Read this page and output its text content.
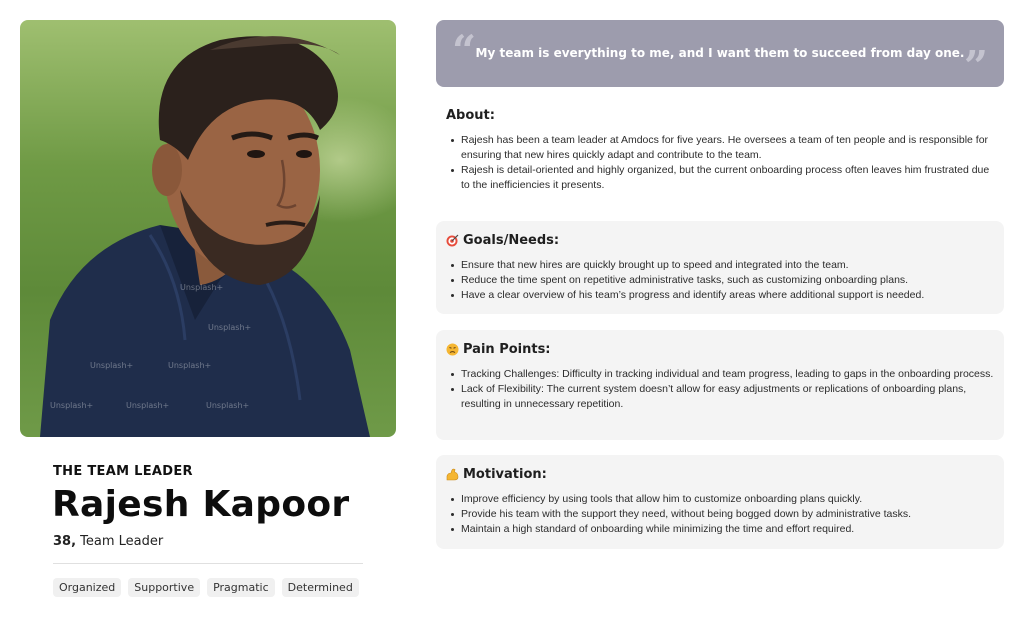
Unsplash+
Unsplash+
Unsplash+	Unsplash+
Unsplash+	Unsplash+	Unsplash+
THE TEAM LEADER
Rajesh Kapoor
38, Team Leader
Organized	Supportive	Pragmatic	Determined
“ My team is everything to me, and I want them to succeed from day one. ”
About:
Rajesh has been a team leader at Amdocs for five years. He oversees a team of ten people and is responsible for ensuring that new hires quickly adapt and contribute to the team.
Rajesh is detail-oriented and highly organized, but the current onboarding process often leaves him frustrated due to the inefficiencies it presents.
Goals/Needs:
Ensure that new hires are quickly brought up to speed and integrated into the team.
Reduce the time spent on repetitive administrative tasks, such as customizing onboarding plans.
Have a clear overview of his team’s progress and identify areas where additional support is needed.
Pain Points:
Tracking Challenges: Difficulty in tracking individual and team progress, leading to gaps in the onboarding process.
Lack of Flexibility: The current system doesn’t allow for easy adjustments or replications of onboarding plans, resulting in unnecessary repetition.
Motivation:
Improve efficiency by using tools that allow him to customize onboarding plans quickly.
Provide his team with the support they need, without being bogged down by administrative tasks.
Maintain a high standard of onboarding while minimizing the time and effort required.
